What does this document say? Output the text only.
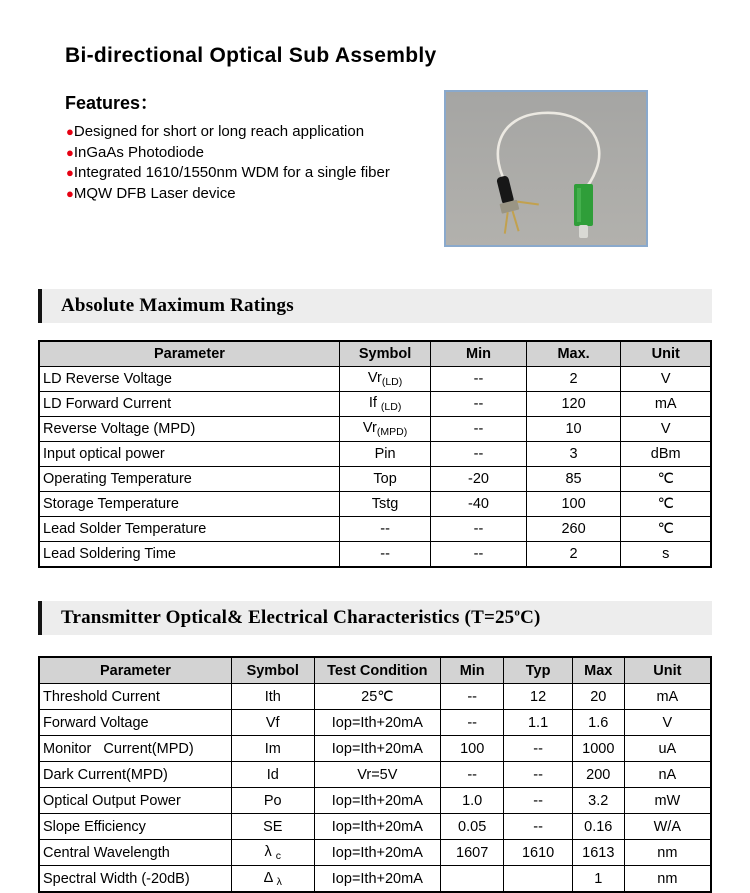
Bi-directional Optical Sub Assembly
Features：
●Designed for short or long reach application
●InGaAs Photodiode
●Integrated 1610/1550nm WDM for a single fiber
●MQW DFB Laser device
Absolute Maximum Ratings
Parameter	Symbol	Min	Max.	Unit
LD Reverse Voltage	$Vr_{(LD)}$	--	2	V
LD Forward Current	If $_{(LD)}$	--	120	mA
Reverse Voltage (MPD)	$Vr_{(MPD)}$	--	10	V
Input optical power	Pin	--	3	dBm
Operating Temperature	Top	-20	85	℃
Storage Temperature	Tstg	-40	100	℃
Lead Solder Temperature	--	--	260	℃
Lead Soldering Time	--	--	2	s
Transmitter Optical& Electrical Characteristics $(T=25^oC)$
Parameter	Symbol	Test Condition	Min	Typ	Max	Unit
Threshold Current	Ith	25℃	--	12	20	mA
Forward Voltage	Vf	Iop=Ith+20mA	--	1.1	1.6	V
Monitor   Current(MPD)	Im	Iop=Ith+20mA	100	--	1000	uA
Dark Current(MPD)	Id	Vr=5V	--	--	200	nA
Optical Output Power	Po	Iop=Ith+20mA	1.0	--	3.2	mW
Slope Efficiency	SE	Iop=Ith+20mA	0.05	--	0.16	W/A
Central Wavelength	λ $_c$	Iop=Ith+20mA	1607	1610	1613	nm
Spectral Width (-20dB)	Δ $_\lambda$	Iop=Ith+20mA			1	nm
